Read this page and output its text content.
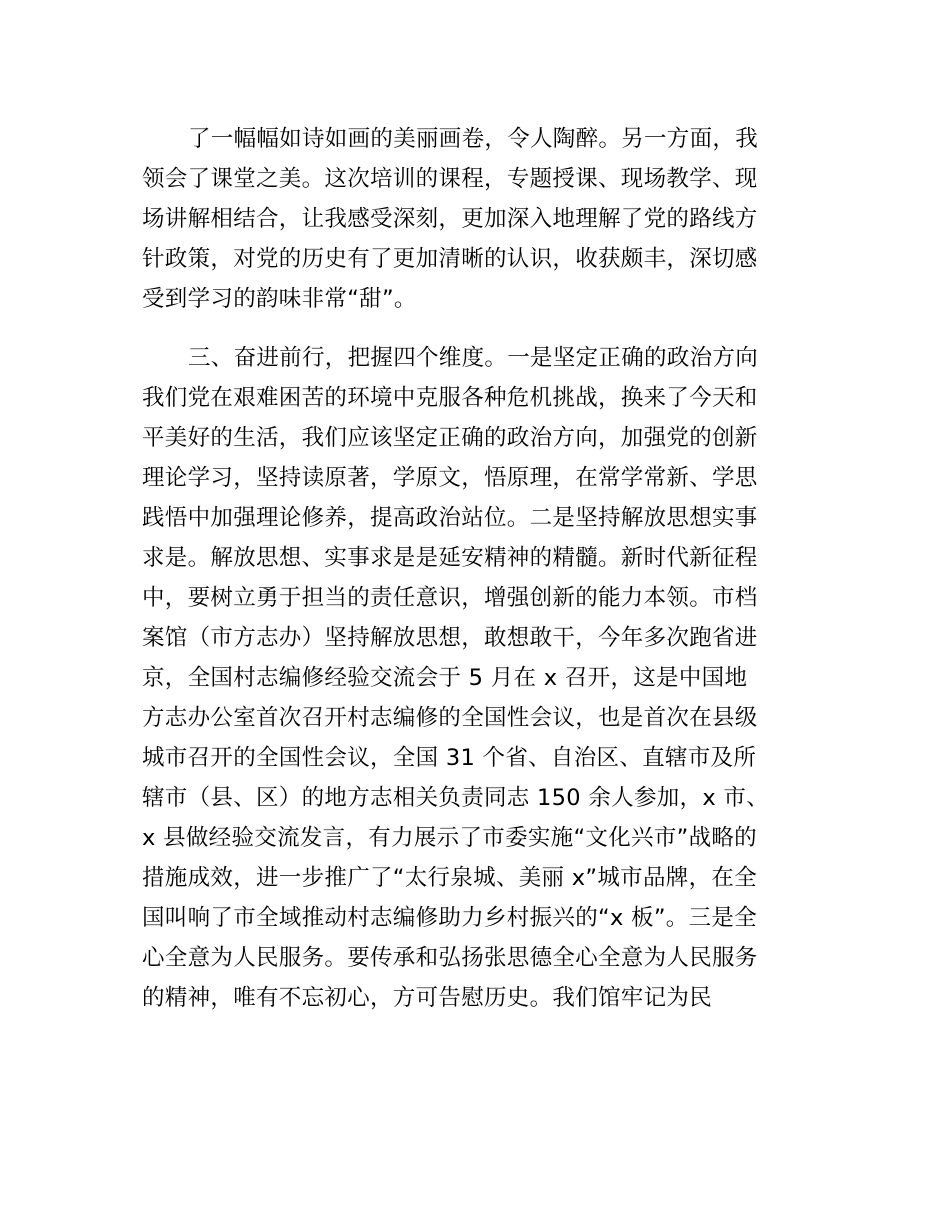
了一幅幅如诗如画的美丽画卷，令人陶醉。另一方面，我
领会了课堂之美。这次培训的课程，专题授课、现场教学、现
场讲解相结合，让我感受深刻，更加深入地理解了党的路线方
针政策，对党的历史有了更加清晰的认识，收获颇丰，深切感
受到学习的韵味非常“甜”。
三、奋进前行，把握四个维度。一是坚定正确的政治方向
我们党在艰难困苦的环境中克服各种危机挑战，换来了今天和
平美好的生活，我们应该坚定正确的政治方向，加强党的创新
理论学习，坚持读原著，学原文，悟原理，在常学常新、学思
践悟中加强理论修养，提高政治站位。二是坚持解放思想实事
求是。解放思想、实事求是是延安精神的精髓。新时代新征程
中，要树立勇于担当的责任意识，增强创新的能力本领。市档
案馆（市方志办）坚持解放思想，敢想敢干，今年多次跑省进
京，全国村志编修经验交流会于 5 月在 x 召开，这是中国地
方志办公室首次召开村志编修的全国性会议，也是首次在县级
城市召开的全国性会议，全国 31 个省、自治区、直辖市及所
辖市（县、区）的地方志相关负责同志 150 余人参加，x 市、
x 县做经验交流发言，有力展示了市委实施“文化兴市”战略的
措施成效，进一步推广了“太行泉城、美丽 x”城市品牌，在全
国叫响了市全域推动村志编修助力乡村振兴的“x 板”。三是全
心全意为人民服务。要传承和弘扬张思德全心全意为人民服务
的精神，唯有不忘初心，方可告慰历史。我们馆牢记为民
